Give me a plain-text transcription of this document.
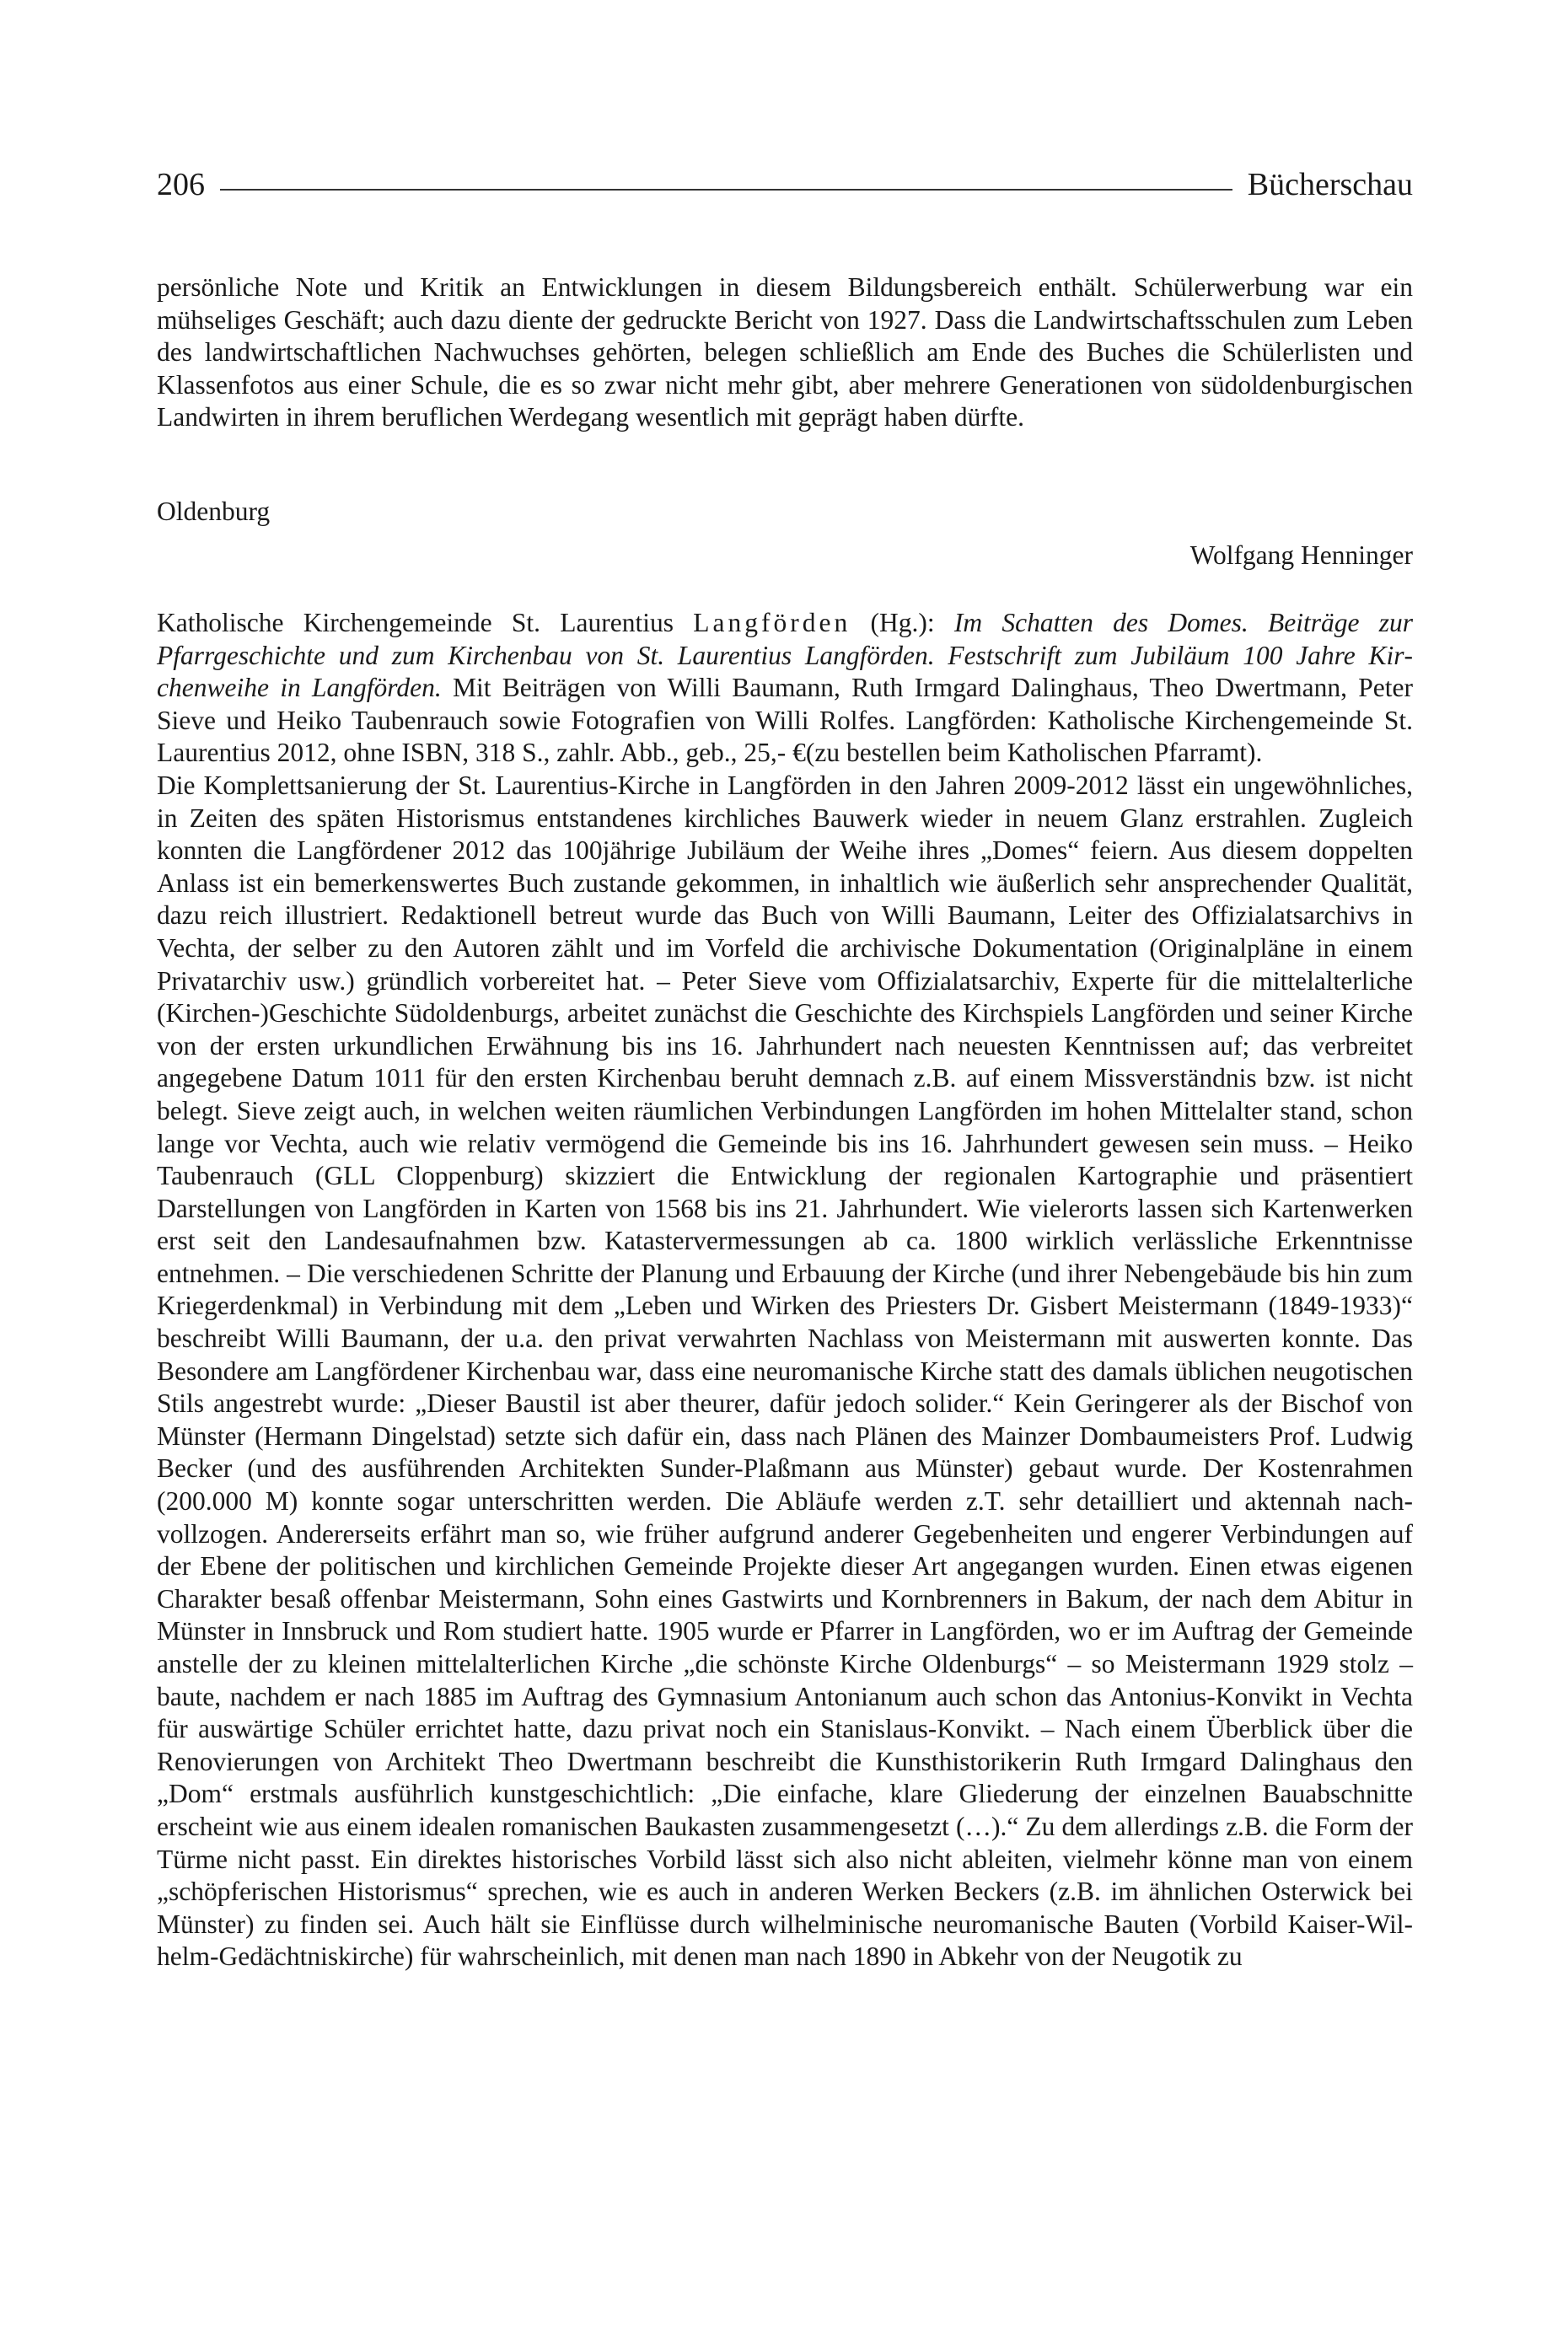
206	Bücherschau

persönliche Note und Kritik an Entwicklungen in diesem Bildungsbereich enthält. Schülerwerbung war ein mühseliges Geschäft; auch dazu diente der gedruckte Bericht von 1927. Dass die Landwirtschaftsschulen zum Leben des landwirtschaftlichen Nachwuchses gehörten, belegen schließlich am Ende des Buches die Schülerlisten und Klassenfotos aus einer Schule, die es so zwar nicht mehr gibt, aber mehrere Generationen von südoldenburgischen Landwirten in ihrem beruflichen Werdegang wesentlich mit geprägt haben dürfte.

Oldenburg
Wolfgang Henninger

Katholische Kirchengemeinde St. Laurentius Langförden (Hg.): Im Schatten des Domes. Beiträge zur Pfarrgeschichte und zum Kirchenbau von St. Laurentius Langförden. Festschrift zum Jubiläum 100 Jahre Kirchenweihe in Langförden. Mit Beiträgen von Willi Baumann, Ruth Irmgard Dalinghaus, Theo Dwertmann, Peter Sieve und Heiko Taubenrauch sowie Fotografien von Willi Rolfes. Langförden: Katholische Kirchengemeinde St. Laurentius 2012, ohne ISBN, 318 S., zahlr. Abb., geb., 25,- €(zu bestellen beim Katholischen Pfarramt).

Die Komplettsanierung der St. Laurentius-Kirche in Langförden in den Jahren 2009-2012 lässt ein ungewöhnliches, in Zeiten des späten Historismus entstandenes kirchliches Bauwerk wieder in neuem Glanz erstrahlen. Zugleich konnten die Langfördener 2012 das 100jährige Jubiläum der Weihe ihres „Domes“ feiern. Aus diesem doppelten Anlass ist ein bemerkenswertes Buch zustande gekommen, in inhaltlich wie äußerlich sehr ansprechender Qualität, dazu reich illustriert. Redaktionell betreut wurde das Buch von Willi Baumann, Leiter des Offizialatsarchivs in Vechta, der selber zu den Autoren zählt und im Vorfeld die archivische Dokumentation (Originalpläne in einem Privatarchiv usw.) gründlich vorbereitet hat. – Peter Sieve vom Offizialatsarchiv, Experte für die mittelalterliche (Kirchen-)Geschichte Südoldenburgs, arbeitet zunächst die Geschichte des Kirchspiels Langförden und seiner Kirche von der ersten urkundlichen Erwähnung bis ins 16. Jahrhundert nach neuesten Kenntnissen auf; das verbreitet angegebene Datum 1011 für den ersten Kirchenbau beruht demnach z.B. auf einem Missverständnis bzw. ist nicht belegt. Sieve zeigt auch, in welchen weiten räumlichen Verbindungen Langförden im hohen Mittelalter stand, schon lange vor Vechta, auch wie relativ vermögend die Gemeinde bis ins 16. Jahrhundert gewesen sein muss. – Heiko Taubenrauch (GLL Cloppenburg) skizziert die Entwicklung der regionalen Kartographie und präsentiert Darstellungen von Langförden in Karten von 1568 bis ins 21. Jahrhundert. Wie vielerorts lassen sich Kartenwerken erst seit den Landesaufnahmen bzw. Katastervermessungen ab ca. 1800 wirklich verlässliche Erkenntnisse entnehmen. – Die verschiedenen Schritte der Planung und Erbauung der Kirche (und ihrer Nebengebäude bis hin zum Kriegerdenkmal) in Verbindung mit dem „Leben und Wirken des Priesters Dr. Gisbert Meistermann (1849-1933)“ beschreibt Willi Baumann, der u.a. den privat verwahrten Nachlass von Meistermann mit auswerten konnte. Das Besondere am Langfördener Kirchenbau war, dass eine neuromanische Kirche statt des damals üblichen neugotischen Stils angestrebt wurde: „Dieser Baustil ist aber theurer, dafür jedoch solider.“ Kein Geringerer als der Bischof von Münster (Hermann Dingelstad) setzte sich dafür ein, dass nach Plänen des Mainzer Dombaumeisters Prof. Ludwig Becker (und des ausführenden Architekten Sunder-Plaßmann aus Münster) gebaut wurde. Der Kostenrahmen (200.000 M) konnte sogar unterschritten werden. Die Abläufe werden z.T. sehr detailliert und aktennah nachvollzogen. Andererseits erfährt man so, wie früher aufgrund anderer Gegebenheiten und engerer Verbindungen auf der Ebene der politischen und kirchlichen Gemeinde Projekte dieser Art angegangen wurden. Einen etwas eigenen Charakter besaß offenbar Meistermann, Sohn eines Gastwirts und Kornbrenners in Bakum, der nach dem Abitur in Münster in Innsbruck und Rom studiert hatte. 1905 wurde er Pfarrer in Langförden, wo er im Auftrag der Gemeinde anstelle der zu kleinen mittelalterlichen Kirche „die schönste Kirche Oldenburgs“ – so Meistermann 1929 stolz – baute, nachdem er nach 1885 im Auftrag des Gymnasium Antonianum auch schon das Antonius-Konvikt in Vechta für auswärtige Schüler errichtet hatte, dazu privat noch ein Stanislaus-Konvikt. – Nach einem Überblick über die Renovierungen von Architekt Theo Dwertmann beschreibt die Kunsthistorikerin Ruth Irmgard Dalinghaus den „Dom“ erstmals ausführlich kunstgeschichtlich: „Die einfache, klare Gliederung der einzelnen Bauabschnitte erscheint wie aus einem idealen romanischen Baukasten zusammengesetzt (…).“ Zu dem allerdings z.B. die Form der Türme nicht passt. Ein direktes historisches Vorbild lässt sich also nicht ableiten, vielmehr könne man von einem „schöpferischen Historismus“ sprechen, wie es auch in anderen Werken Beckers (z.B. im ähnlichen Osterwick bei Münster) zu finden sei. Auch hält sie Einflüsse durch wilhelminische neuromanische Bauten (Vorbild Kaiser-Wilhelm-Gedächtniskirche) für wahrscheinlich, mit denen man nach 1890 in Abkehr von der Neugotik zu
